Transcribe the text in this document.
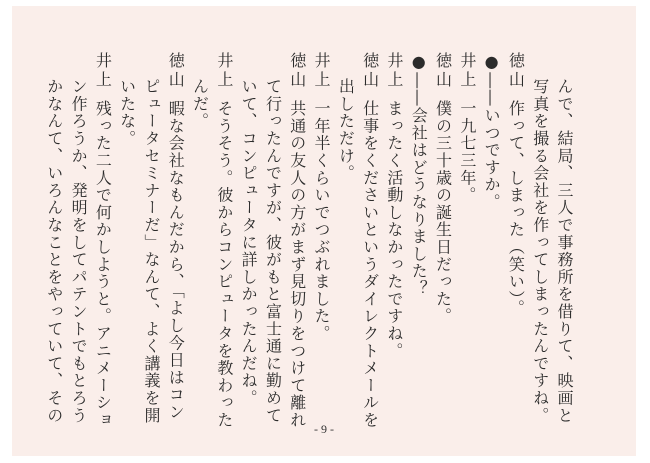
んで、結局、三人で事務所を借りて、映画と
写真を撮る会社を作ってしまったんですね。
徳山作って、しまった（笑い）。
●――いつですか。
井上一九七三年。
徳山僕の三十歳の誕生日だった。
●――会社はどうなりました？
井上まったく活動しなかったですね。
徳山仕事をくださいというダイレクトメールを
出しただけ。
井上一年半くらいでつぶれました。
徳山共通の友人の方がまず見切りをつけて離れ
て行ったんですが、彼がもと富士通に勤めて
いて、コンピュータに詳しかったんだね。
井上そうそう。彼からコンピュータを教わった
んだ。
徳山暇な会社なもんだから、「よし今日はコン
ピュータセミナーだ」なんて、よく講義を開
いたな。
井上残った二人で何かしようと。アニメーショ
ン作ろうか、発明をしてパテントでもとろう
かなんて、いろんなことをやっていて、その
- 9 -
